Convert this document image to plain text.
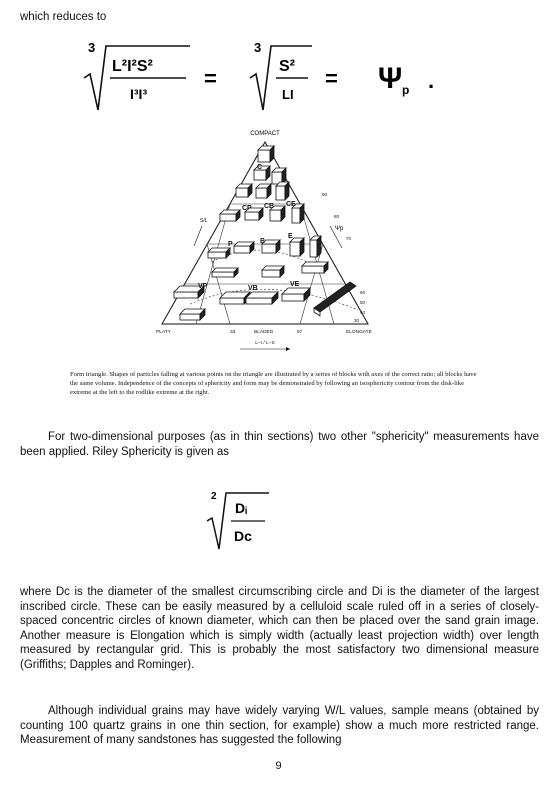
which reduces to
3
L²I²S²
I³I³
=
3
S²
LI
= Ψ p .
COMPACT
C
CP CB CE
P	B
E
VP	VB
VE
90
80
70
60
50
40
30
S/L
Ψp
PLATY	33	BLADED	67	ELONGATE
L−I / L−S
Form triangle. Shapes of particles falling at various points on the triangle are illustrated by a series of blocks with axes of the correct ratio; all blocks have the same volume. Independence of the concepts of sphericity and form may be demonstrated by following an isosphericity contour from the disk-like extreme at the left to the rodlike extreme at the right.
For two-dimensional purposes (as in thin sections) two other "sphericity" measurements have been applied. Riley Sphericity is given as
2
Dᵢ
Dc
where Dc is the diameter of the smallest circumscribing circle and Di is the diameter of the largest inscribed circle. These can be easily measured by a celluloid scale ruled off in a series of closely-spaced concentric circles of known diameter, which can then be placed over the sand grain image. Another measure is Elongation which is simply width (actually least projection width) over length measured by rectangular grid. This is probably the most satisfactory two dimensional measure (Griffiths; Dapples and Rominger).
Although individual grains may have widely varying W/L values, sample means (obtained by counting 100 quartz grains in one thin section, for example) show a much more restricted range. Measurement of many sandstones has suggested the following
9
